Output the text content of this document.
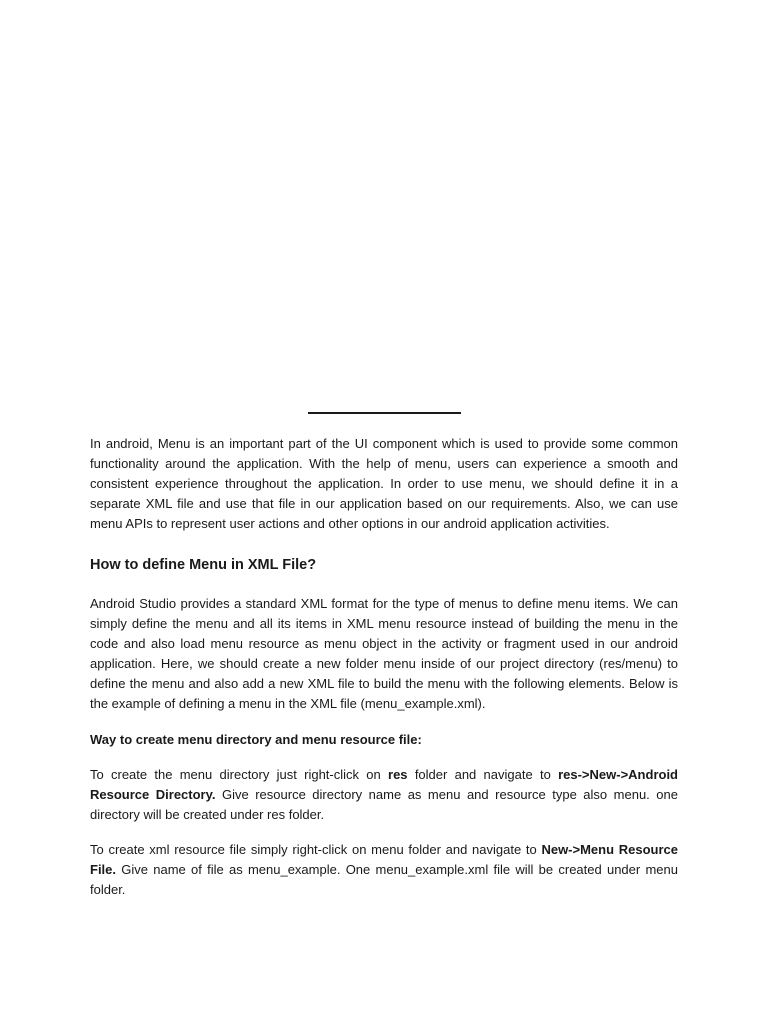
In android, Menu is an important part of the UI component which is used to provide some common functionality around the application. With the help of menu, users can experience a smooth and consistent experience throughout the application. In order to use menu, we should define it in a separate XML file and use that file in our application based on our requirements. Also, we can use menu APIs to represent user actions and other options in our android application activities.

How to define Menu in XML File?

Android Studio provides a standard XML format for the type of menus to define menu items. We can simply define the menu and all its items in XML menu resource instead of building the menu in the code and also load menu resource as menu object in the activity or fragment used in our android application. Here, we should create a new folder menu inside of our project directory (res/menu) to define the menu and also add a new XML file to build the menu with the following elements. Below is the example of defining a menu in the XML file (menu_example.xml).

Way to create menu directory and menu resource file:

To create the menu directory just right-click on res folder and navigate to res->New->Android Resource Directory. Give resource directory name as menu and resource type also menu. one directory will be created under res folder.

To create xml resource file simply right-click on menu folder and navigate to New->Menu Resource File. Give name of file as menu_example. One menu_example.xml file will be created under menu folder.
